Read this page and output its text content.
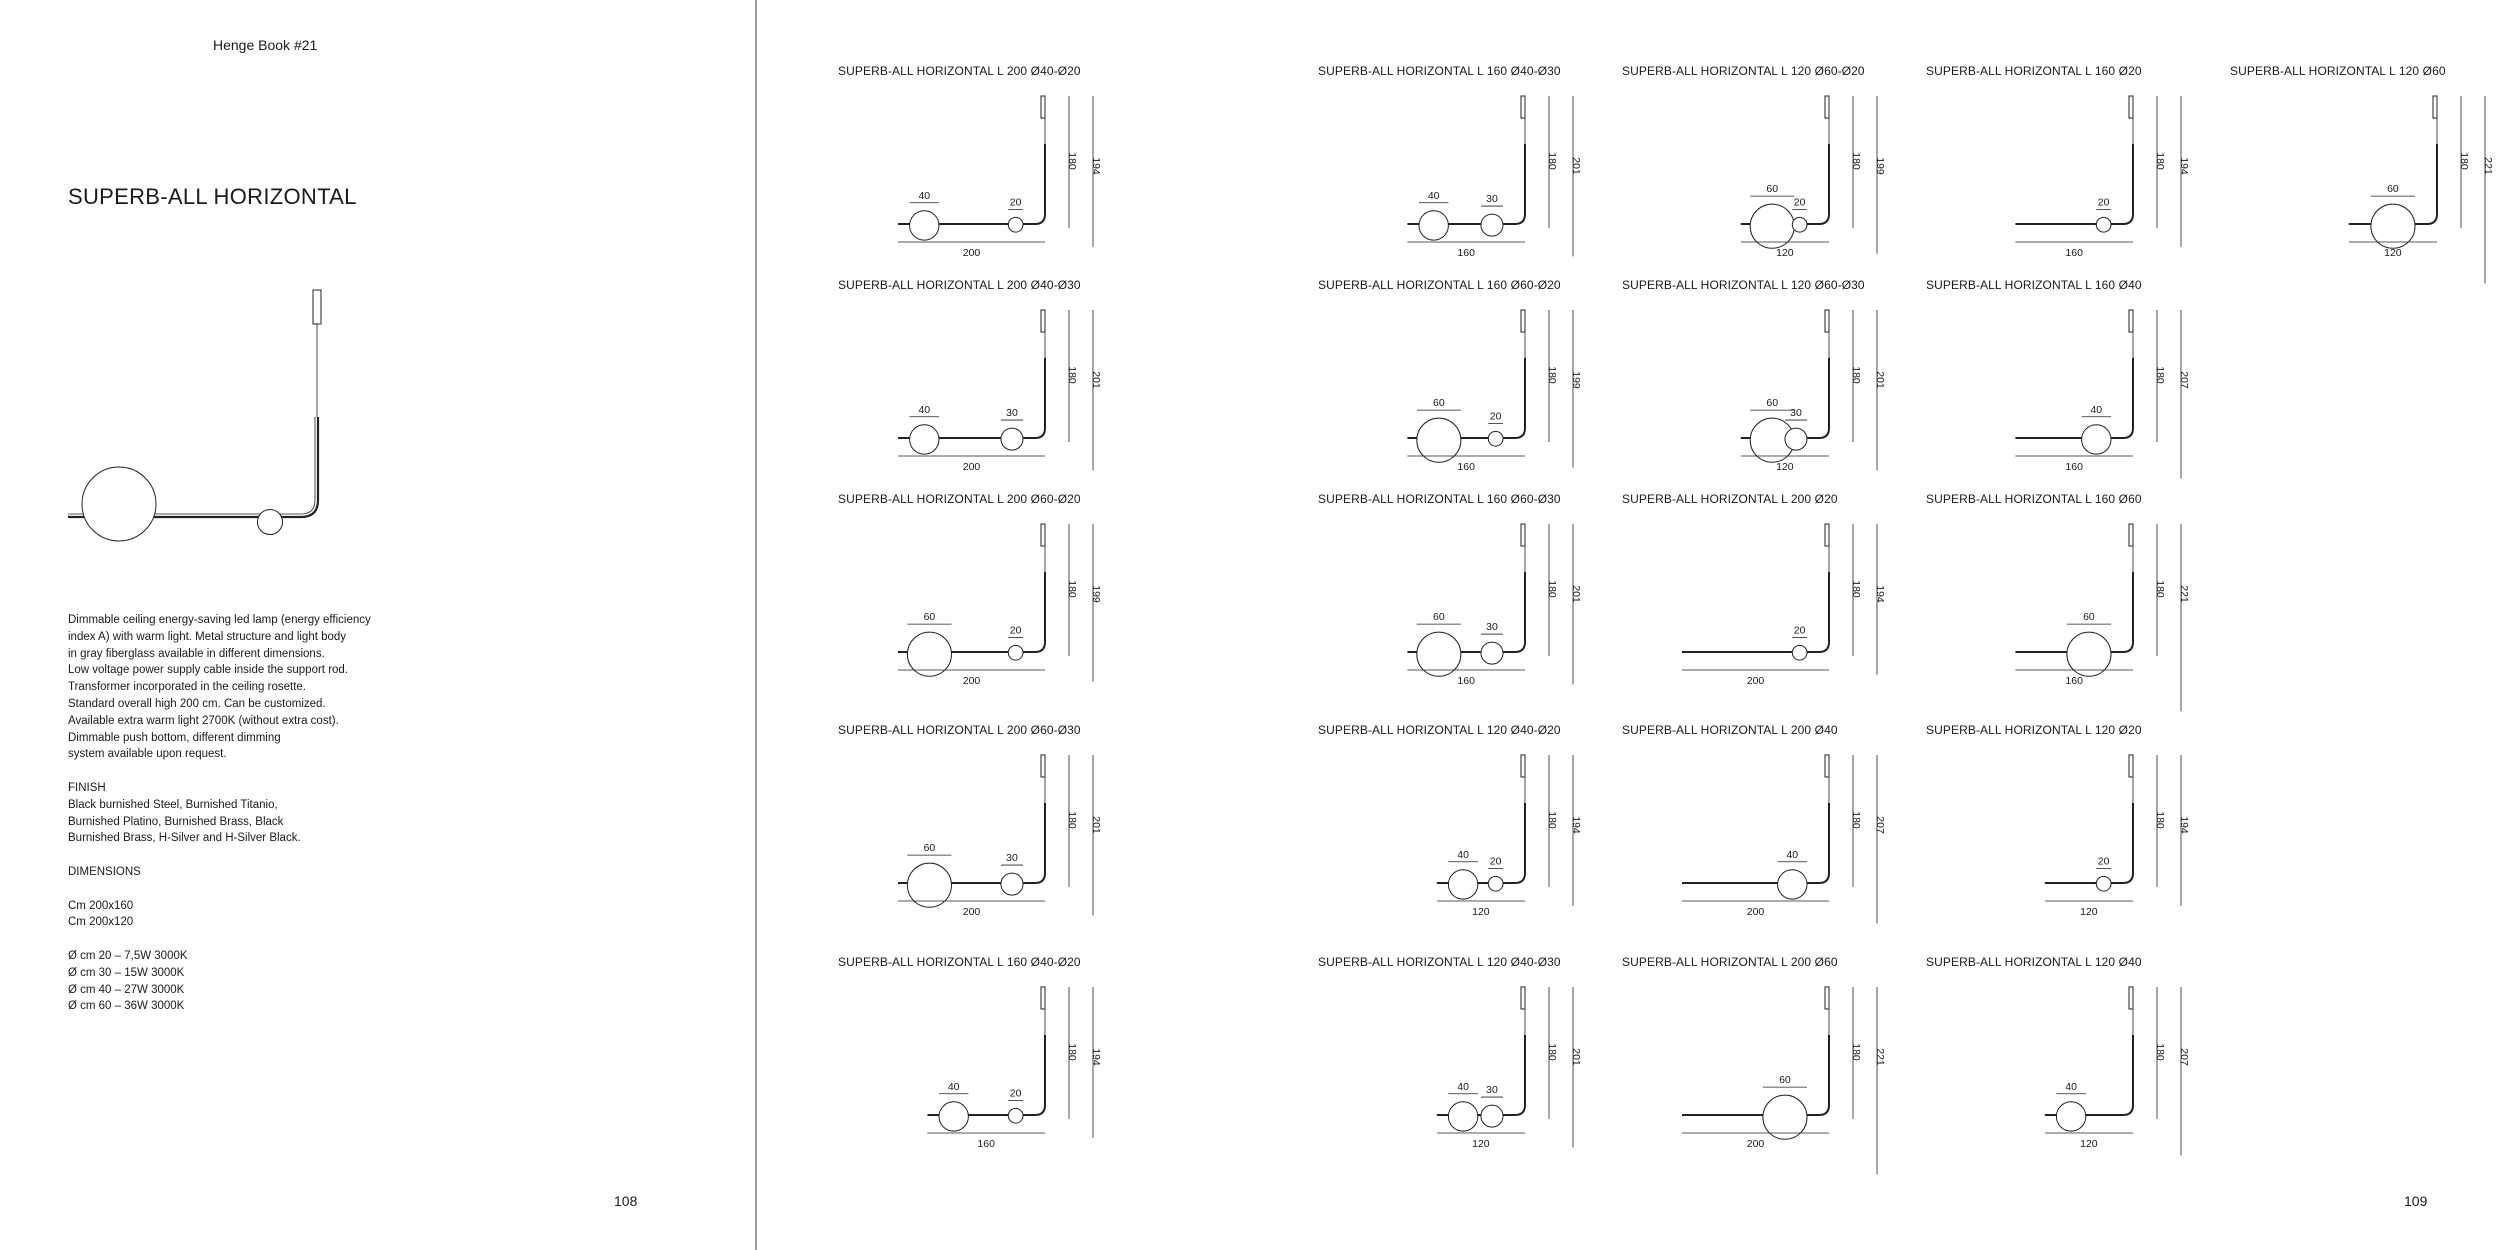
Henge Book #21
SUPERB-ALL HORIZONTAL
Dimmable ceiling energy-saving led lamp (energy efficiency
index A) with warm light. Metal structure and light body
in gray fiberglass available in different dimensions.
Low voltage power supply cable inside the support rod.
Transformer incorporated in the ceiling rosette.
Standard overall high 200 cm. Can be customized.
Available extra warm light 2700K (without extra cost).
Dimmable push bottom, different dimming
system available upon request.
FINISH
Black burnished Steel, Burnished Titanio,
Burnished Platino, Burnished Brass, Black
Burnished Brass, H-Silver and H-Silver Black.
DIMENSIONS
Cm 200x160
Cm 200x120
Ø cm 20 – 7,5W 3000K
Ø cm 30 – 15W 3000K
Ø cm 40 – 27W 3000K
Ø cm 60 – 36W 3000K
108
SUPERB-ALL HORIZONTAL L 200 Ø40-Ø20
40
20
200
180 194
SUPERB-ALL HORIZONTAL L 160 Ø40-Ø30
40	30
160
180 201
SUPERB-ALL HORIZONTAL L 120 Ø60-Ø20
60
20
120
180 199
SUPERB-ALL HORIZONTAL L 160 Ø20
20
160
180 194
SUPERB-ALL HORIZONTAL L 120 Ø60
60
120
180 221
SUPERB-ALL HORIZONTAL L 200 Ø40-Ø30
40	30
200
180 201
SUPERB-ALL HORIZONTAL L 160 Ø60-Ø20
60
20
160
180 199
SUPERB-ALL HORIZONTAL L 120 Ø60-Ø30
60
30
120
180 201
SUPERB-ALL HORIZONTAL L 160 Ø40
40
160
180 207
SUPERB-ALL HORIZONTAL L 200 Ø60-Ø20
60
20
200
180 199
SUPERB-ALL HORIZONTAL L 160 Ø60-Ø30
60
30
160
180 201
SUPERB-ALL HORIZONTAL L 200 Ø20
20
200
180 194
SUPERB-ALL HORIZONTAL L 160 Ø60
60
160
180 221
SUPERB-ALL HORIZONTAL L 200 Ø60-Ø30
60
30
200
180 201
SUPERB-ALL HORIZONTAL L 120 Ø40-Ø20
40
20
120
180 194
SUPERB-ALL HORIZONTAL L 200 Ø40
40
200
180 207
SUPERB-ALL HORIZONTAL L 120 Ø20
20
120
180 194
SUPERB-ALL HORIZONTAL L 160 Ø40-Ø20
40
20
160
180 194
SUPERB-ALL HORIZONTAL L 120 Ø40-Ø30
40 30
120
180 201
SUPERB-ALL HORIZONTAL L 200 Ø60
60
200
180 221
SUPERB-ALL HORIZONTAL L 120 Ø40
40
120
180 207
109
